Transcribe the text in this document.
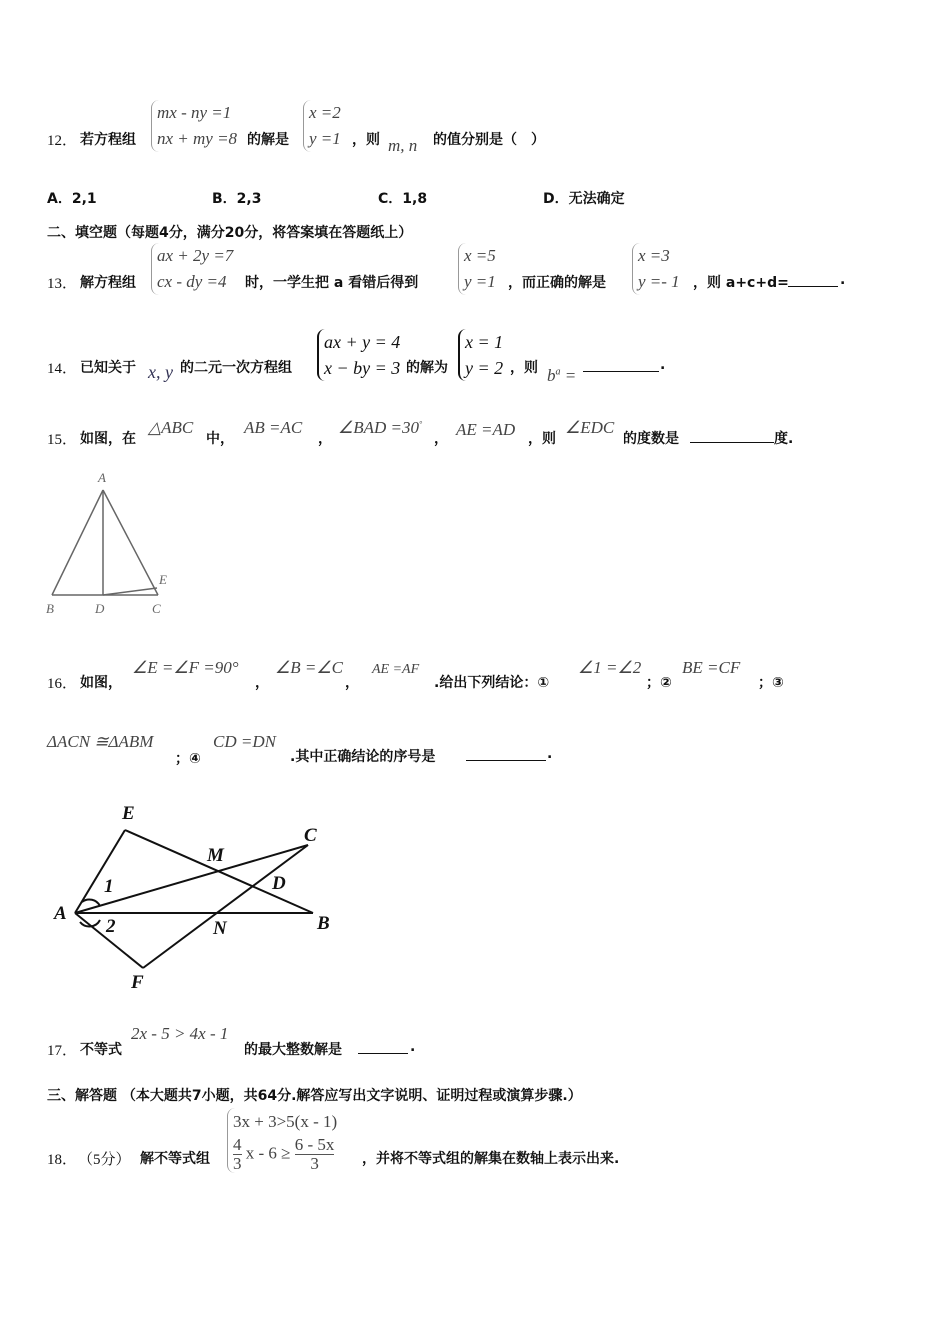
12． 若方程组
mx - ny =1
nx + my =8 的解是
x =2
y =1 ，则 m, n 的值分别是（　）
A．2,1	B．2,3	C．1,8	D．无法确定
二、填空题（每题4分，满分20分，将答案填在答题纸上）
13． 解方程组
ax + 2y =7
cx - dy =4	时，一学生把 a 看错后得到
x =5
y =1 ，而正确的解是
x =3
y =- 1 ，则 a+c+d=	.
14． 已知关于 x, y 的二元一次方程组
ax + y = 4
x − by = 3 的解为
x = 1
y = 2 ，则 $b^a$ =
.
15． 如图，在
△ABC
中，
AB =AC
，
∠BAD =30°
， AE =AD ，则
∠EDC
的度数是	度.
A
B	D	C
E
16． 如图，
∠E =∠F =90°
，
∠B =∠C
，
AE =AF
.给出下列结论：①
∠1 =∠2
；②
BE =CF
；③
ΔACN ≅ΔABM
；④
CD =DN
.其中正确结论的序号是	.
E
C
M
D
A
1
2	N	B
F
17． 不等式
2x - 5 > 4x - 1
的最大整数解是	.
三、解答题 （本大题共7小题，共64分.解答应写出文字说明、证明过程或演算步骤.）
18． （5分） 解不等式组
3x + 3>5(x - 1)
$\frac{4}{3}$ $x - 6 \ge \frac{6 - 5x}{3}$ ，并将不等式组的解集在数轴上表示出来.
